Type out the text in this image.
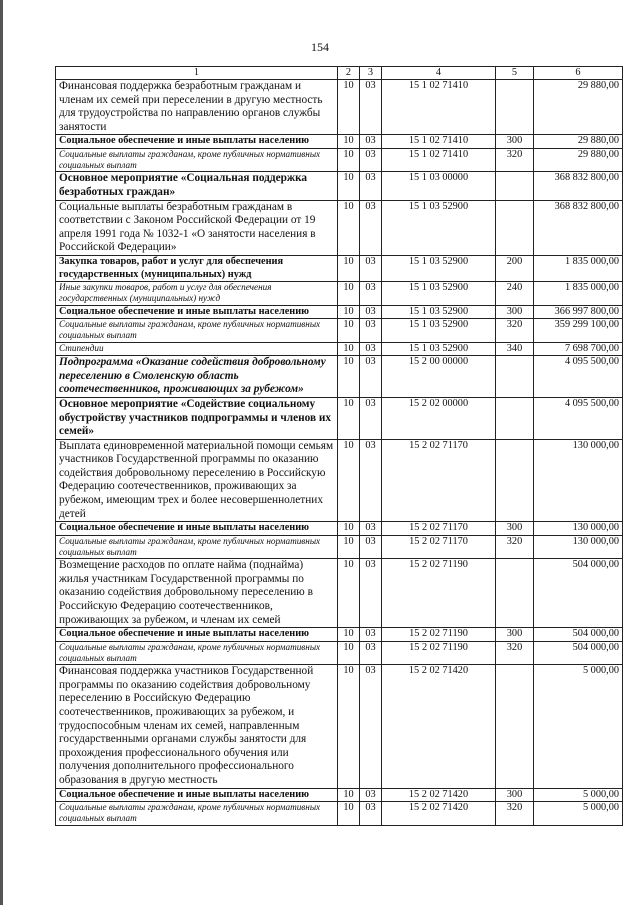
154
1	2	3	4	5	6
Финансовая поддержка безработным гражданам и членам их семей при переселении в другую местность для трудоустройства по направлению органов службы занятости	10	03	15 1 02 71410		29 880,00
Социальное обеспечение и иные выплаты населению	10	03	15 1 02 71410	300	29 880,00
Социальные выплаты гражданам, кроме публичных нормативных социальных выплат	10	03	15 1 02 71410	320	29 880,00
Основное мероприятие «Социальная поддержка безработных граждан»	10	03	15 1 03 00000		368 832 800,00
Социальные выплаты безработным гражданам в соответствии с Законом Российской Федерации от 19 апреля 1991 года № 1032-1 «О занятости населения в Российской Федерации»	10	03	15 1 03 52900		368 832 800,00
Закупка товаров, работ и услуг для обеспечения государственных (муниципальных) нужд	10	03	15 1 03 52900	200	1 835 000,00
Иные закупки товаров, работ и услуг для обеспечения государственных (муниципальных) нужд	10	03	15 1 03 52900	240	1 835 000,00
Социальное обеспечение и иные выплаты населению	10	03	15 1 03 52900	300	366 997 800,00
Социальные выплаты гражданам, кроме публичных нормативных социальных выплат	10	03	15 1 03 52900	320	359 299 100,00
Стипендии	10	03	15 1 03 52900	340	7 698 700,00
Подпрограмма «Оказание содействия добровольному переселению в Смоленскую область соотечественников, проживающих за рубежом»	10	03	15 2 00 00000		4 095 500,00
Основное мероприятие «Содействие социальному обустройству участников подпрограммы и членов их семей»	10	03	15 2 02 00000		4 095 500,00
Выплата единовременной материальной помощи семьям участников Государственной программы по оказанию содействия добровольному переселению в Российскую Федерацию соотечественников, проживающих за рубежом, имеющим трех и более несовершеннолетних детей	10	03	15 2 02 71170		130 000,00
Социальное обеспечение и иные выплаты населению	10	03	15 2 02 71170	300	130 000,00
Социальные выплаты гражданам, кроме публичных нормативных социальных выплат	10	03	15 2 02 71170	320	130 000,00
Возмещение расходов по оплате найма (поднайма) жилья участникам Государственной программы по оказанию содействия добровольному переселению в Российскую Федерацию соотечественников, проживающих за рубежом, и членам их семей	10	03	15 2 02 71190		504 000,00
Социальное обеспечение и иные выплаты населению	10	03	15 2 02 71190	300	504 000,00
Социальные выплаты гражданам, кроме публичных нормативных социальных выплат	10	03	15 2 02 71190	320	504 000,00
Финансовая поддержка участников Государственной программы по оказанию содействия добровольному переселению в Российскую Федерацию соотечественников, проживающих за рубежом, и трудоспособным членам их семей, направленным государственными органами службы занятости для прохождения профессионального обучения или получения дополнительного профессионального образования в другую местность	10	03	15 2 02 71420		5 000,00
Социальное обеспечение и иные выплаты населению	10	03	15 2 02 71420	300	5 000,00
Социальные выплаты гражданам, кроме публичных нормативных социальных выплат	10	03	15 2 02 71420	320	5 000,00
